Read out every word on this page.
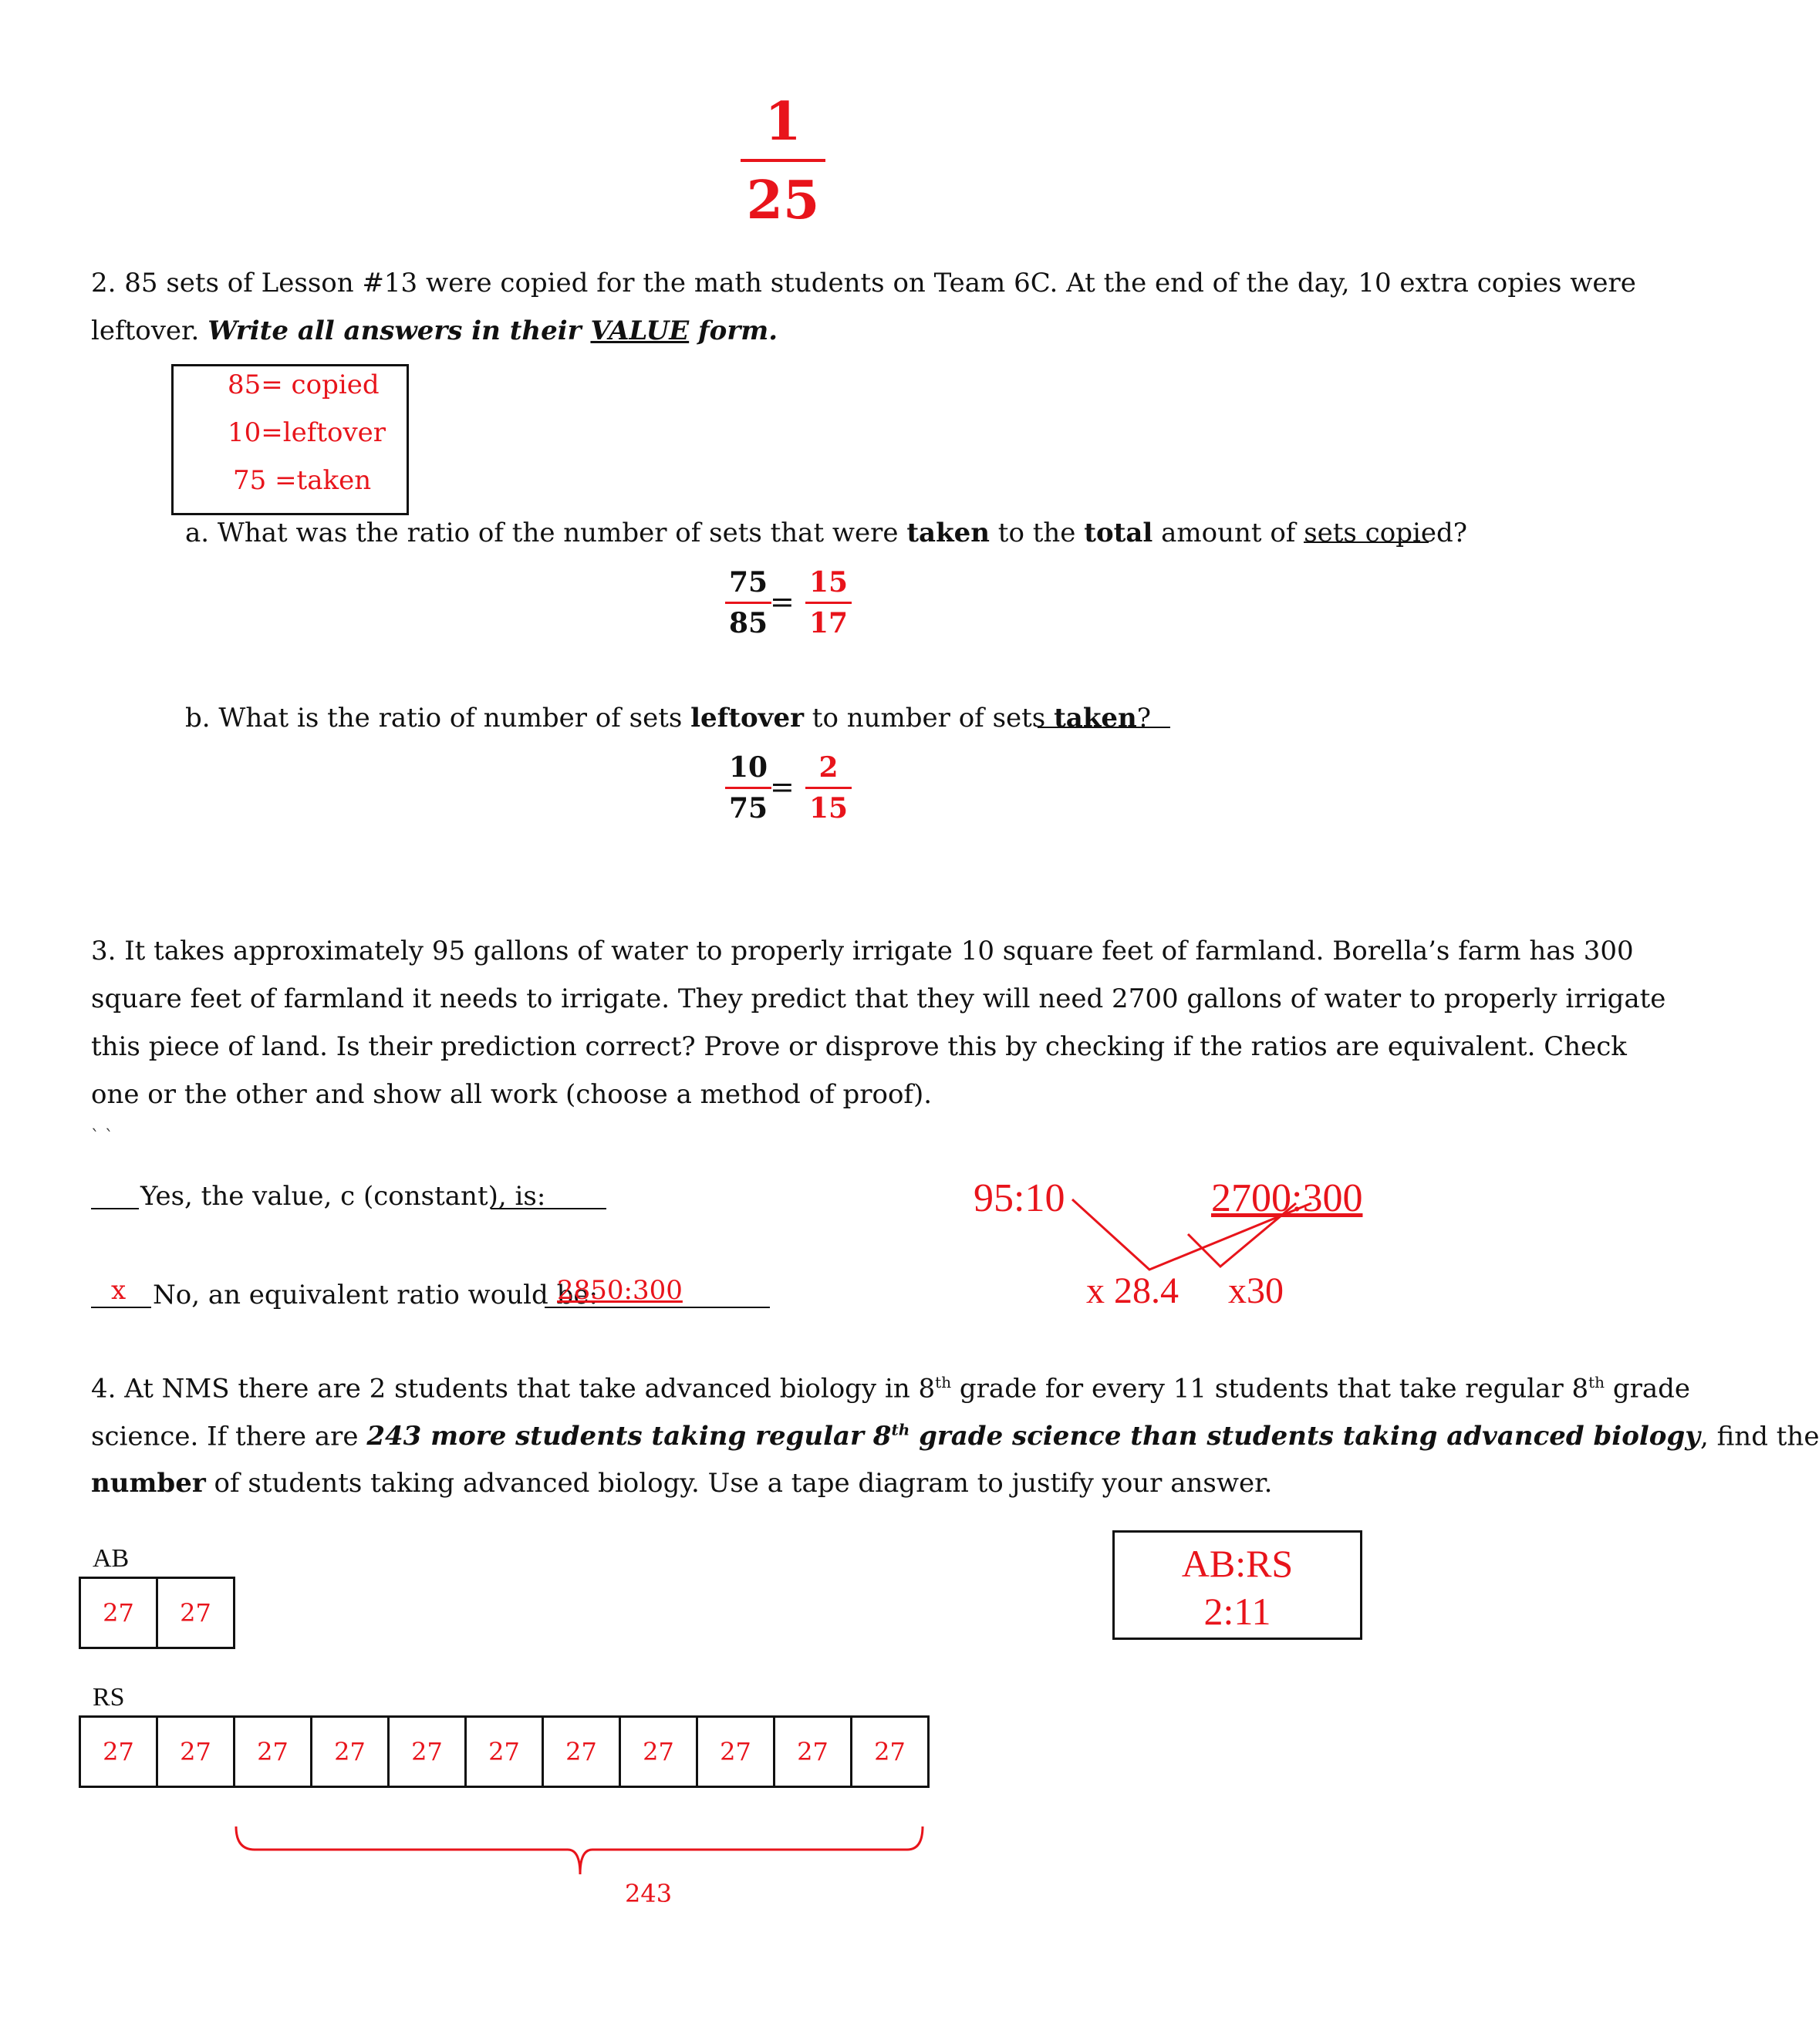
1
25
2. 85 sets of Lesson #13 were copied for the math students on Team 6C. At the end of the day, 10 extra copies were
leftover. Write all answers in their VALUE form.
85= copied
10=leftover
75 =taken
a. What was the ratio of the number of sets that were taken to the total amount of sets copied?
75
85
=
15
17
b. What is the ratio of number of sets leftover to number of sets taken?
10
75
=
2
15
3. It takes approximately 95 gallons of water to properly irrigate 10 square feet of farmland. Borella’s farm has 300
square feet of farmland it needs to irrigate. They predict that they will need 2700 gallons of water to properly irrigate
this piece of land. Is their prediction correct? Prove or disprove this by checking if the ratios are equivalent. Check
one or the other and show all work (choose a method of proof).
` `
Yes, the value, c (constant), is:
x No, an equivalent ratio would be:
2850:300
95:10	2700:300
x 28.4 x30
4. At NMS there are 2 students that take advanced biology in 8th grade for every 11 students that take regular 8th grade
science. If there are 243 more students taking regular 8th grade science than students taking advanced biology, find the
number of students taking advanced biology. Use a tape diagram to justify your answer.
AB
27	27
RS
27	27	27	27	27	27	27	27	27	27	27
243
AB:RS
2:11
